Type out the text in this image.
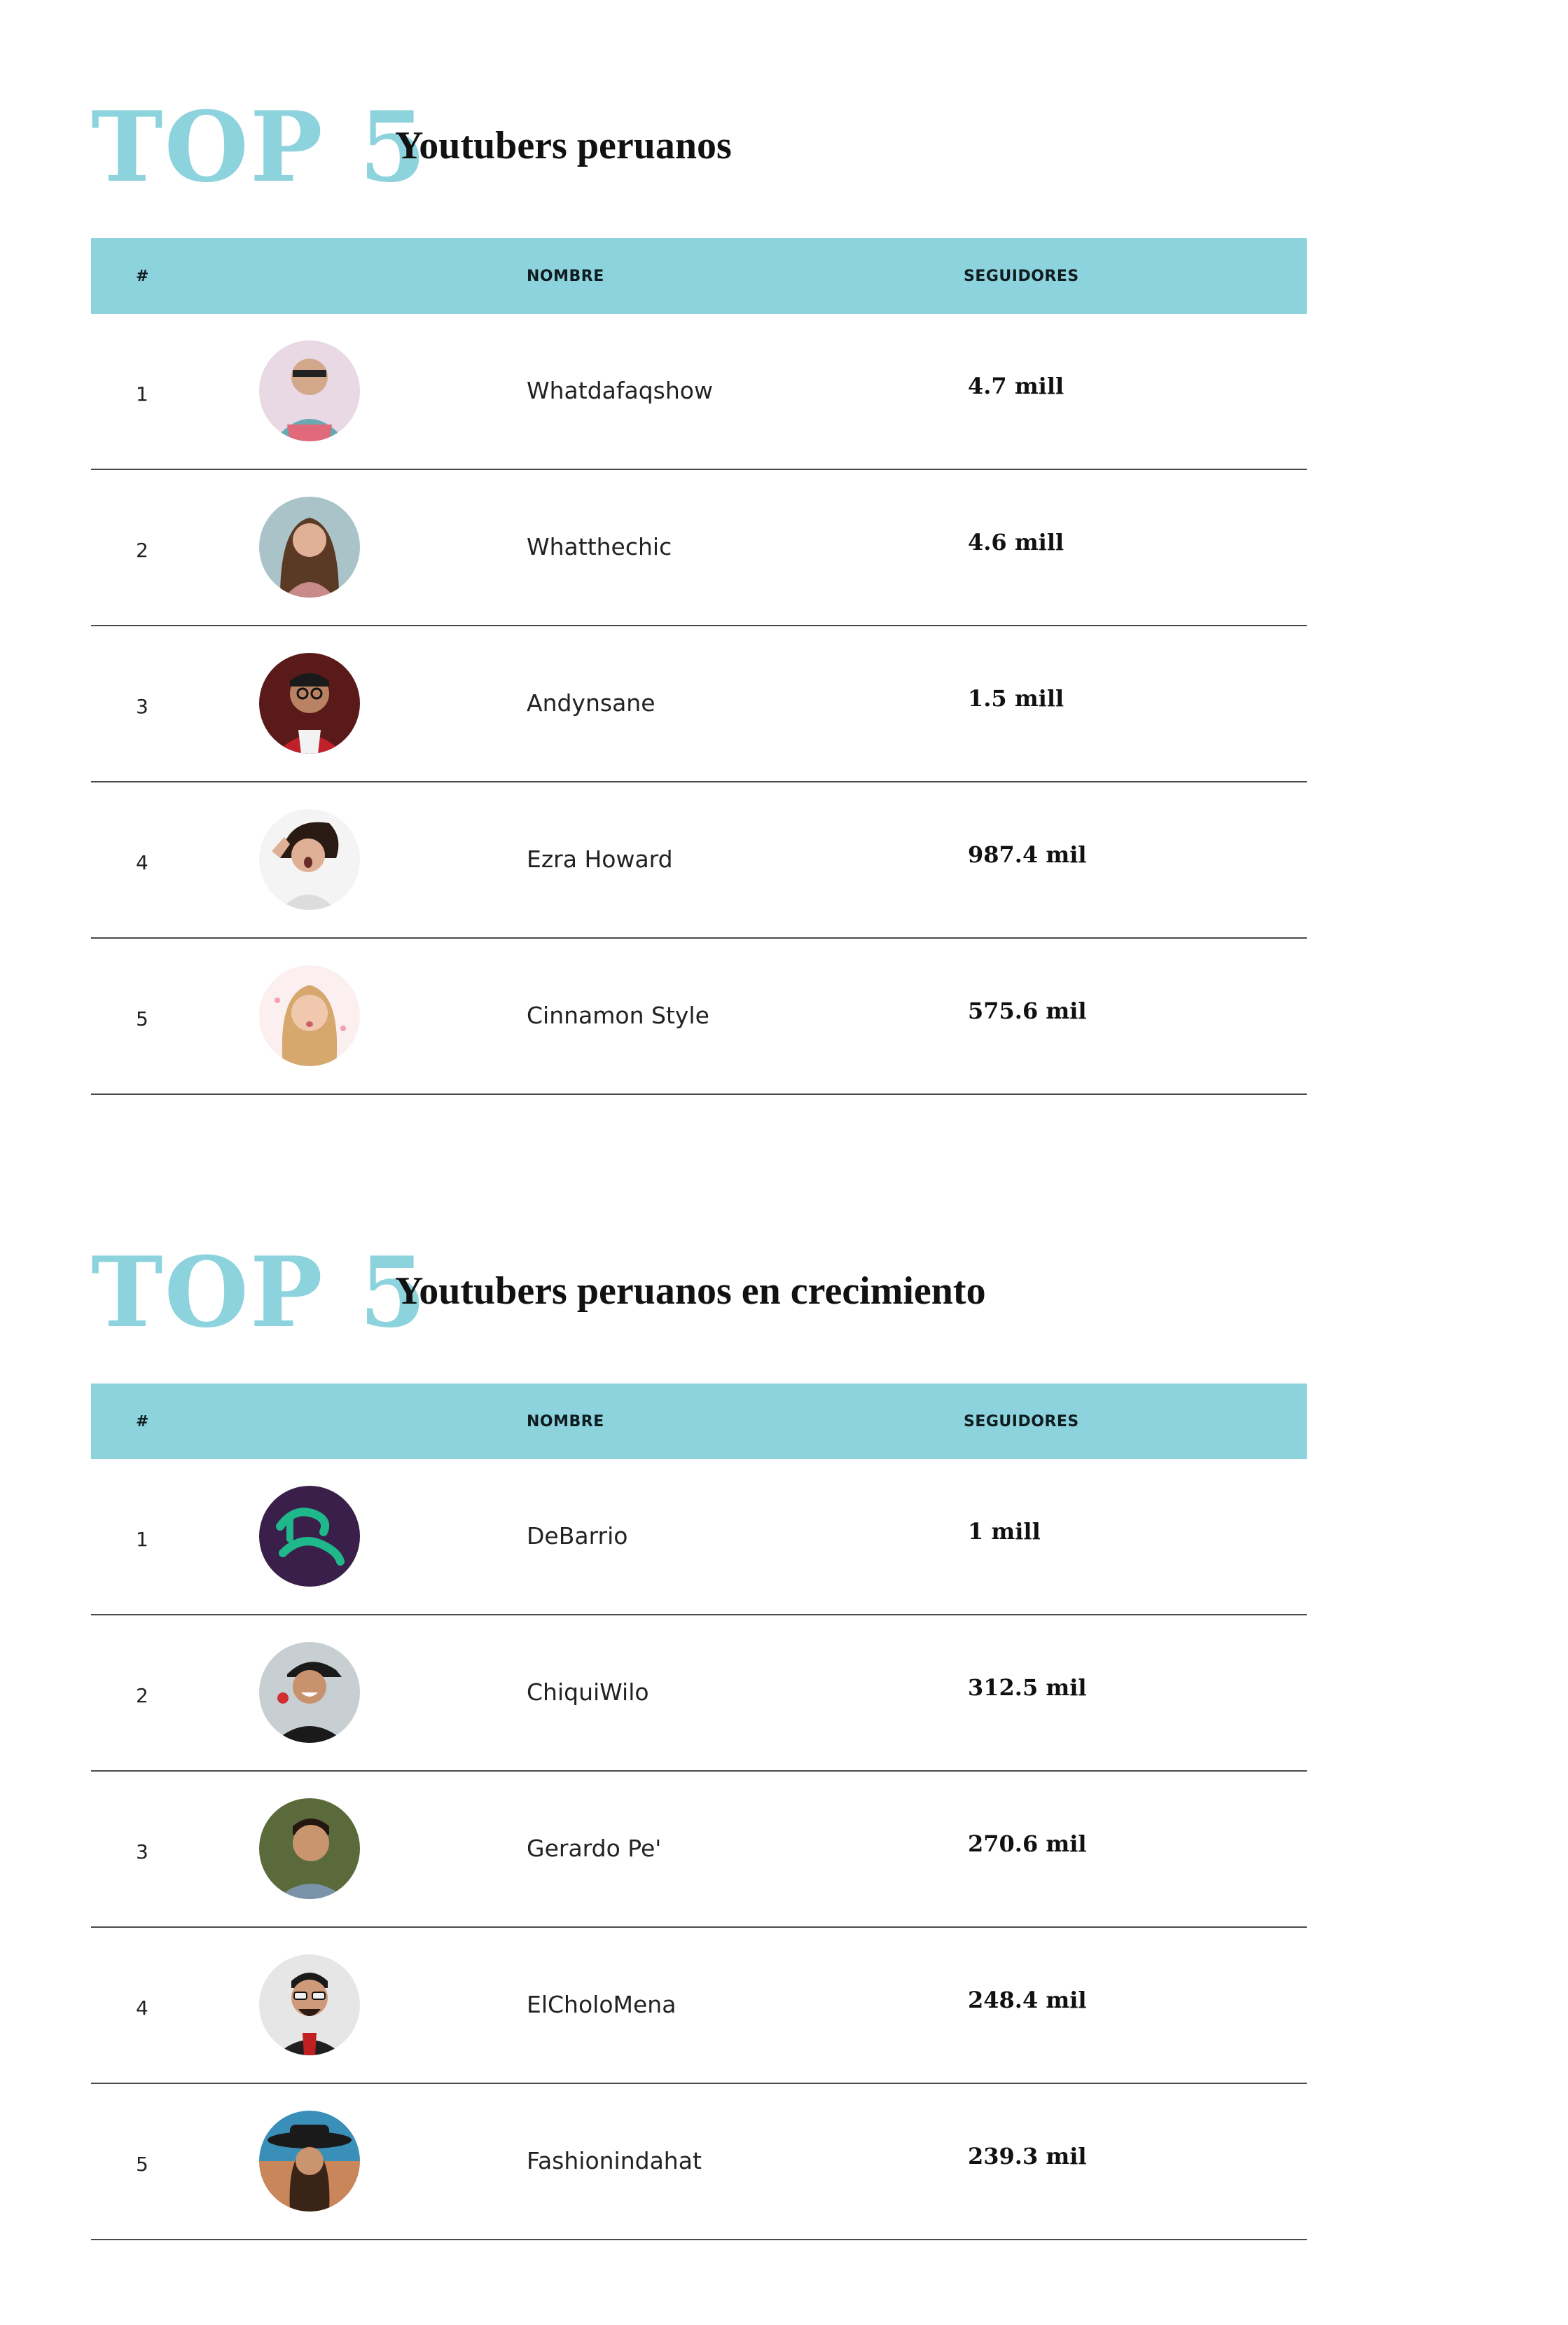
TOP 5
Youtubers peruanos
#	NOMBRE	SEGUIDORES
1	Whatdafaqshow	4.7 mill
2	Whatthechic	4.6 mill
3	Andynsane	1.5 mill
4	Ezra Howard	987.4 mil
5	Cinnamon Style	575.6 mil
TOP 5
Youtubers peruanos en crecimiento
#	NOMBRE	SEGUIDORES
1	DeBarrio	1 mill
2	ChiquiWilo	312.5 mil
3	Gerardo Pe'	270.6 mil
4	ElCholoMena	248.4 mil
5	Fashionindahat	239.3 mil
